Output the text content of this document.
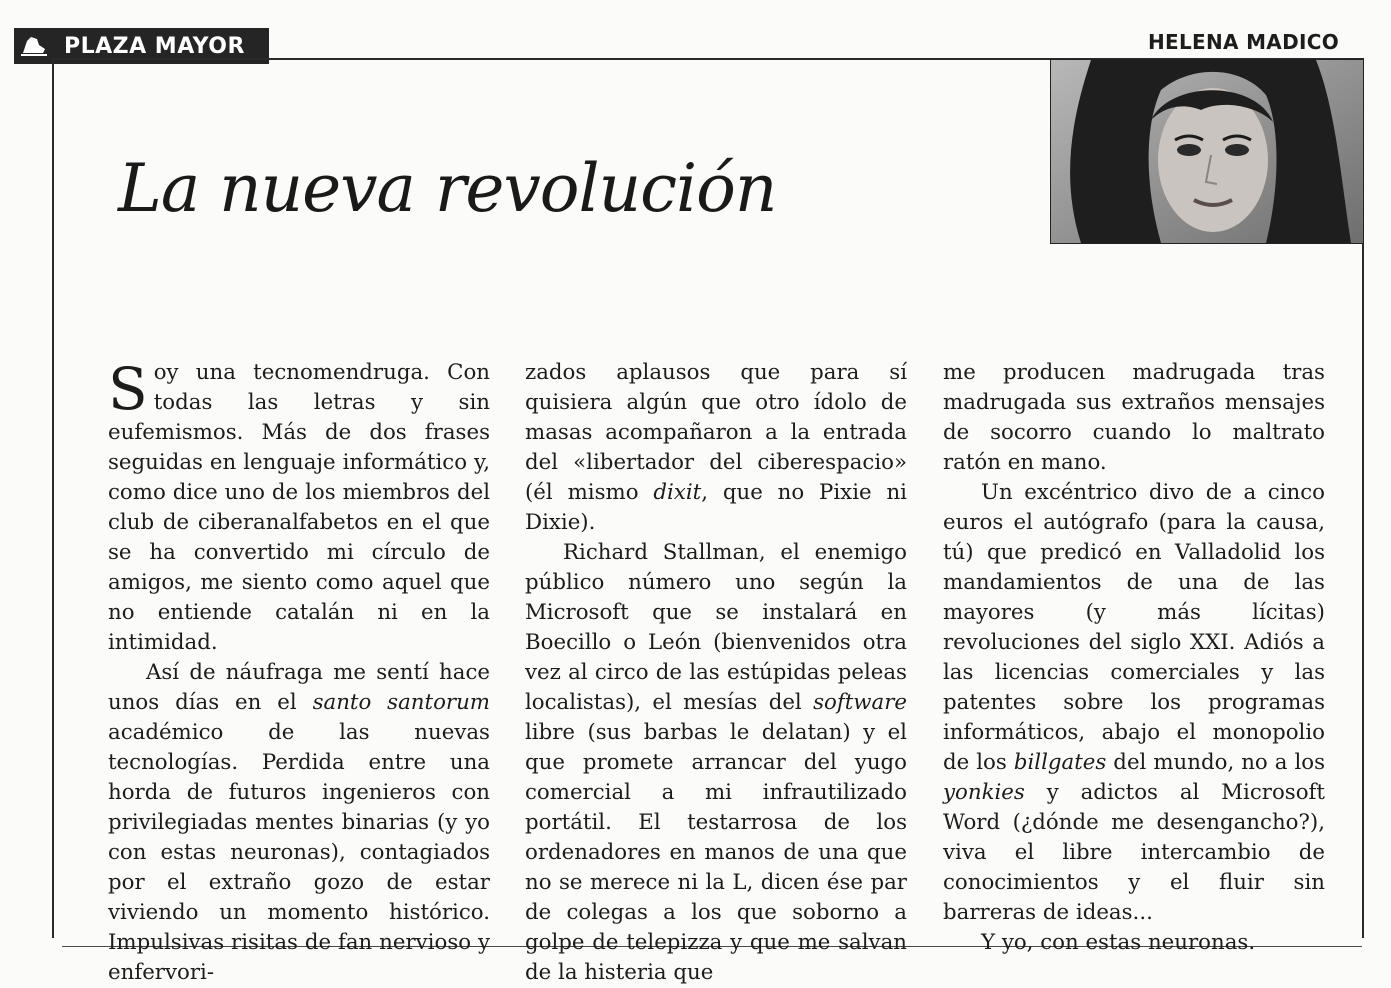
PLAZA MAYOR	HELENA MADICO
La nueva revolución

Soy una tecnomendruga. Con todas las letras y sin eufemismos. Más de dos frases seguidas en lenguaje informático y, como dice uno de los miembros del club de ciberanalfabetos en el que se ha convertido mi círculo de amigos, me siento como aquel que no entiende catalán ni en la intimidad.

Así de náufraga me sentí hace unos días en el santo santorum académico de las nuevas tecnologías. Perdida entre una horda de futuros ingenieros con privilegiadas mentes binarias (y yo con estas neuronas), contagiados por el extraño gozo de estar viviendo un momento histórico. Impulsivas risitas de fan nervioso y enfervori-

zados aplausos que para sí quisiera algún que otro ídolo de masas acompañaron a la entrada del «libertador del ciberespacio» (él mismo dixit, que no Pixie ni Dixie).

Richard Stallman, el enemigo público número uno según la Microsoft que se instalará en Boecillo o León (bienvenidos otra vez al circo de las estúpidas peleas localistas), el mesías del software libre (sus barbas le delatan) y el que promete arrancar del yugo comercial a mi infrautilizado portátil. El testarrosa de los ordenadores en manos de una que no se merece ni la L, dicen ése par de colegas a los que soborno a golpe de telepizza y que me salvan de la histeria que

me producen madrugada tras madrugada sus extraños mensajes de socorro cuando lo maltrato ratón en mano.

Un excéntrico divo de a cinco euros el autógrafo (para la causa, tú) que predicó en Valladolid los mandamientos de una de las mayores (y más lícitas) revoluciones del siglo XXI. Adiós a las licencias comerciales y las patentes sobre los programas informáticos, abajo el monopolio de los billgates del mundo, no a los yonkies y adictos al Microsoft Word (¿dónde me desengancho?), viva el libre intercambio de conocimientos y el fluir sin barreras de ideas...

Y yo, con estas neuronas.
